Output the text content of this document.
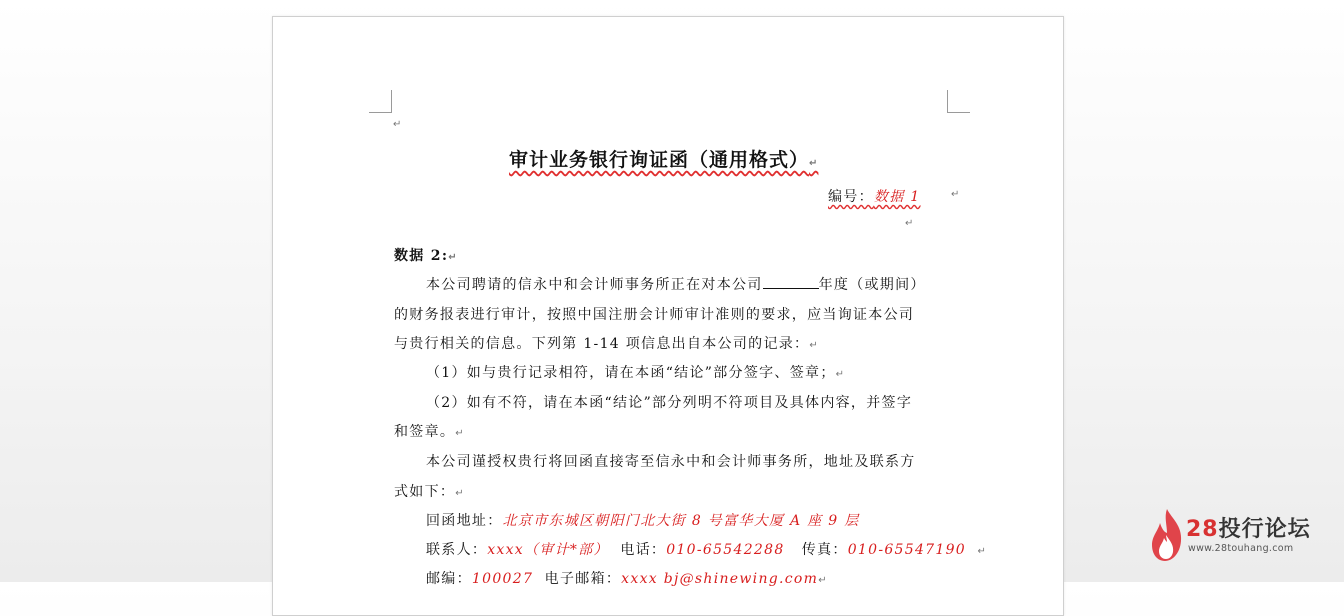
↵
审计业务银行询证函（通用格式）↵
编号：数据 1	↵
↵
数据 2:↵
本公司聘请的信永中和会计师事务所正在对本公司	年度（或期间）
的财务报表进行审计，按照中国注册会计师审计准则的要求，应当询证本公司
与贵行相关的信息。下列第 1-14 项信息出自本公司的记录：↵
（1）如与贵行记录相符，请在本函“结论”部分签字、签章；↵
（2）如有不符，请在本函“结论”部分列明不符项目及具体内容，并签字
和签章。↵
本公司谨授权贵行将回函直接寄至信永中和会计师事务所，地址及联系方
式如下：↵
回函地址：北京市东城区朝阳门北大街 8 号富华大厦 A 座 9 层
联系人：xxxx（审计*部） 电话：010-65542288 传真：010-65547190 ↵
邮编：100027 电子邮箱：xxxx bj@shinewing.com↵
28投行论坛
www.28touhang.com
